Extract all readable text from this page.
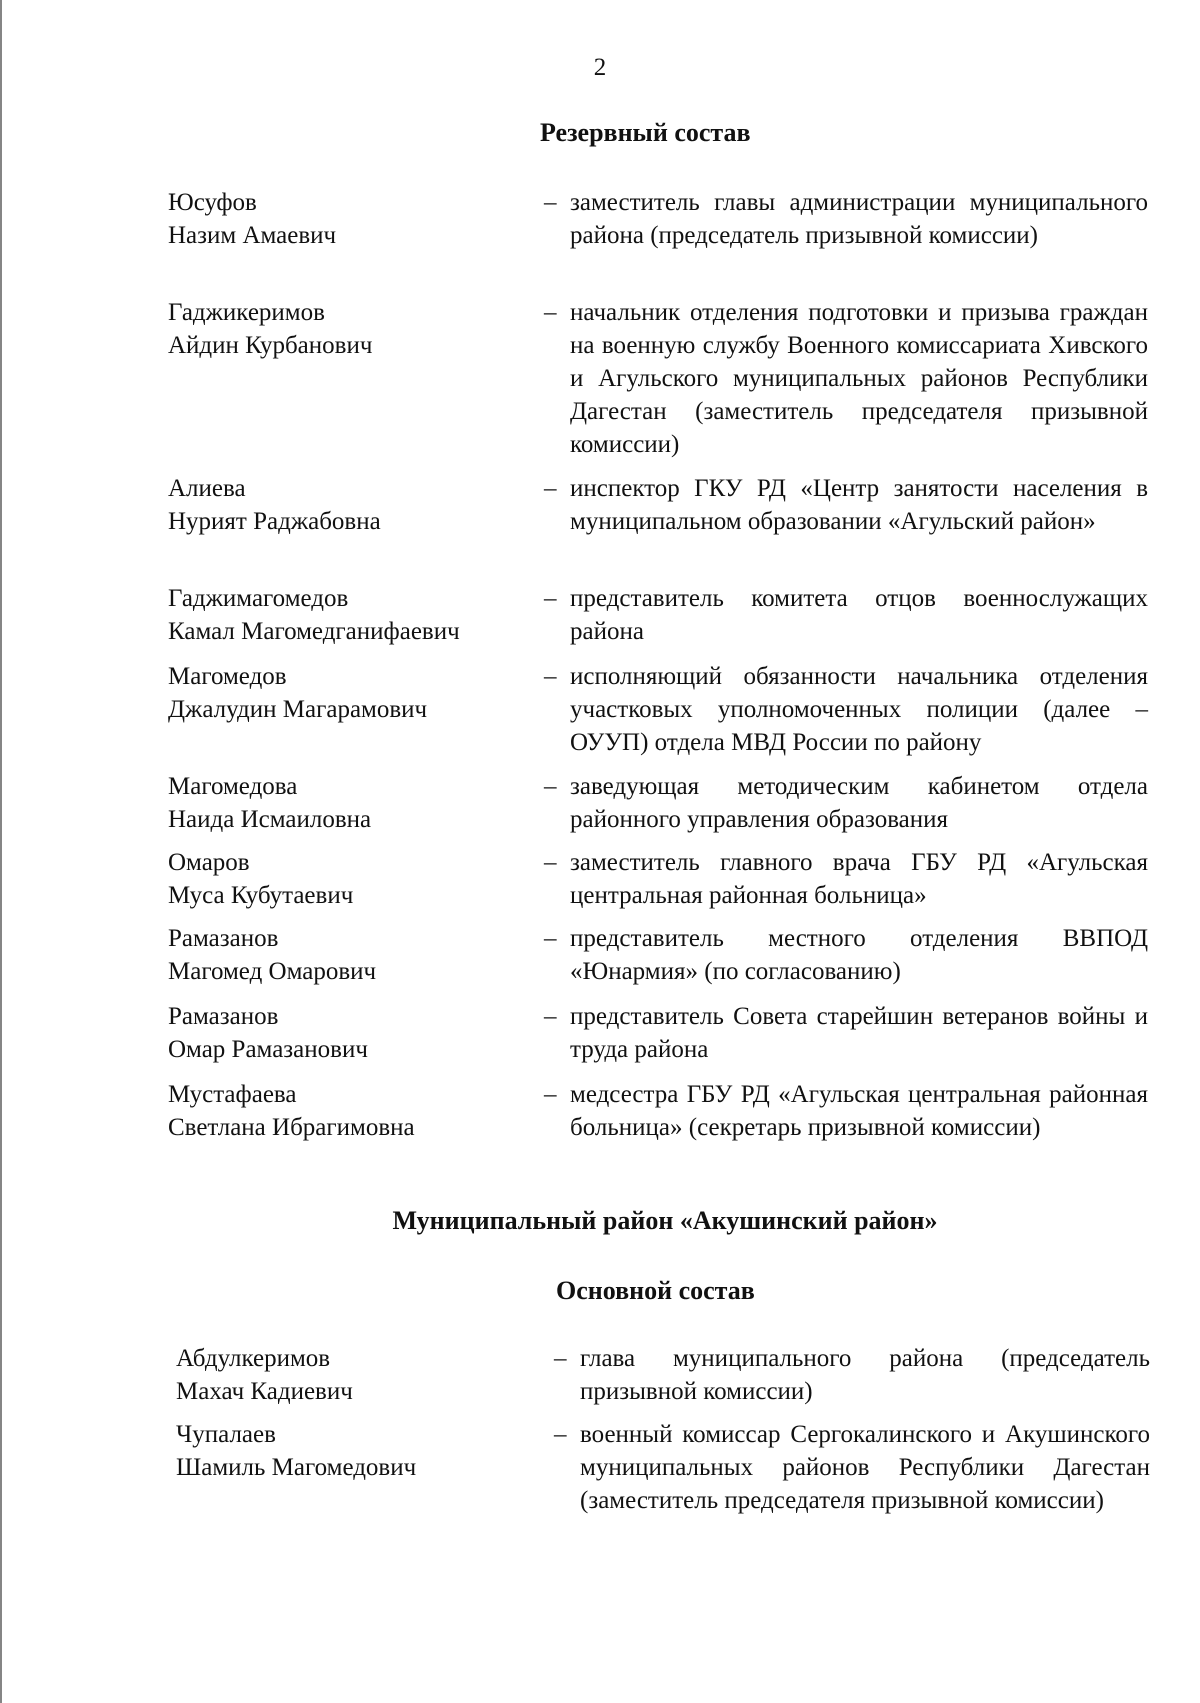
2
Резервный состав
Юсуфов
Назим Амаевич
– заместитель главы администрации муниципального района (председатель призывной комиссии)
Гаджикеримов
Айдин Курбанович
– начальник отделения подготовки и призыва граждан на военную службу Военного комиссариата Хивского и Агульского муниципальных районов Республики Дагестан (заместитель председателя призывной комиссии)
Алиева
Нурият Раджабовна
– инспектор ГКУ РД «Центр занятости населения в муниципальном образовании «Агульский район»
Гаджимагомедов
Камал Магомедганифаевич
– представитель комитета отцов военнослужащих района
Магомедов
Джалудин Магарамович
– исполняющий обязанности начальника отделения участковых уполномоченных полиции (далее – ОУУП) отдела МВД России по району
Магомедова
Наида Исмаиловна
– заведующая методическим кабинетом отдела районного управления образования
Омаров
Муса Кубутаевич
– заместитель главного врача ГБУ РД «Агульская центральная районная больница»
Рамазанов
Магомед Омарович
– представитель местного отделения ВВПОД «Юнармия» (по согласованию)
Рамазанов
Омар Рамазанович
– представитель Совета старейшин ветеранов войны и труда района
Мустафаева
Светлана Ибрагимовна
– медсестра ГБУ РД «Агульская центральная районная больница» (секретарь призывной комиссии)
Муниципальный район «Акушинский район»
Основной состав
Абдулкеримов
Махач Кадиевич
– глава муниципального района (председатель призывной комиссии)
Чупалаев
Шамиль Магомедович
– военный комиссар Сергокалинского и Акушинского муниципальных районов Республики Дагестан (заместитель председателя призывной комиссии)
